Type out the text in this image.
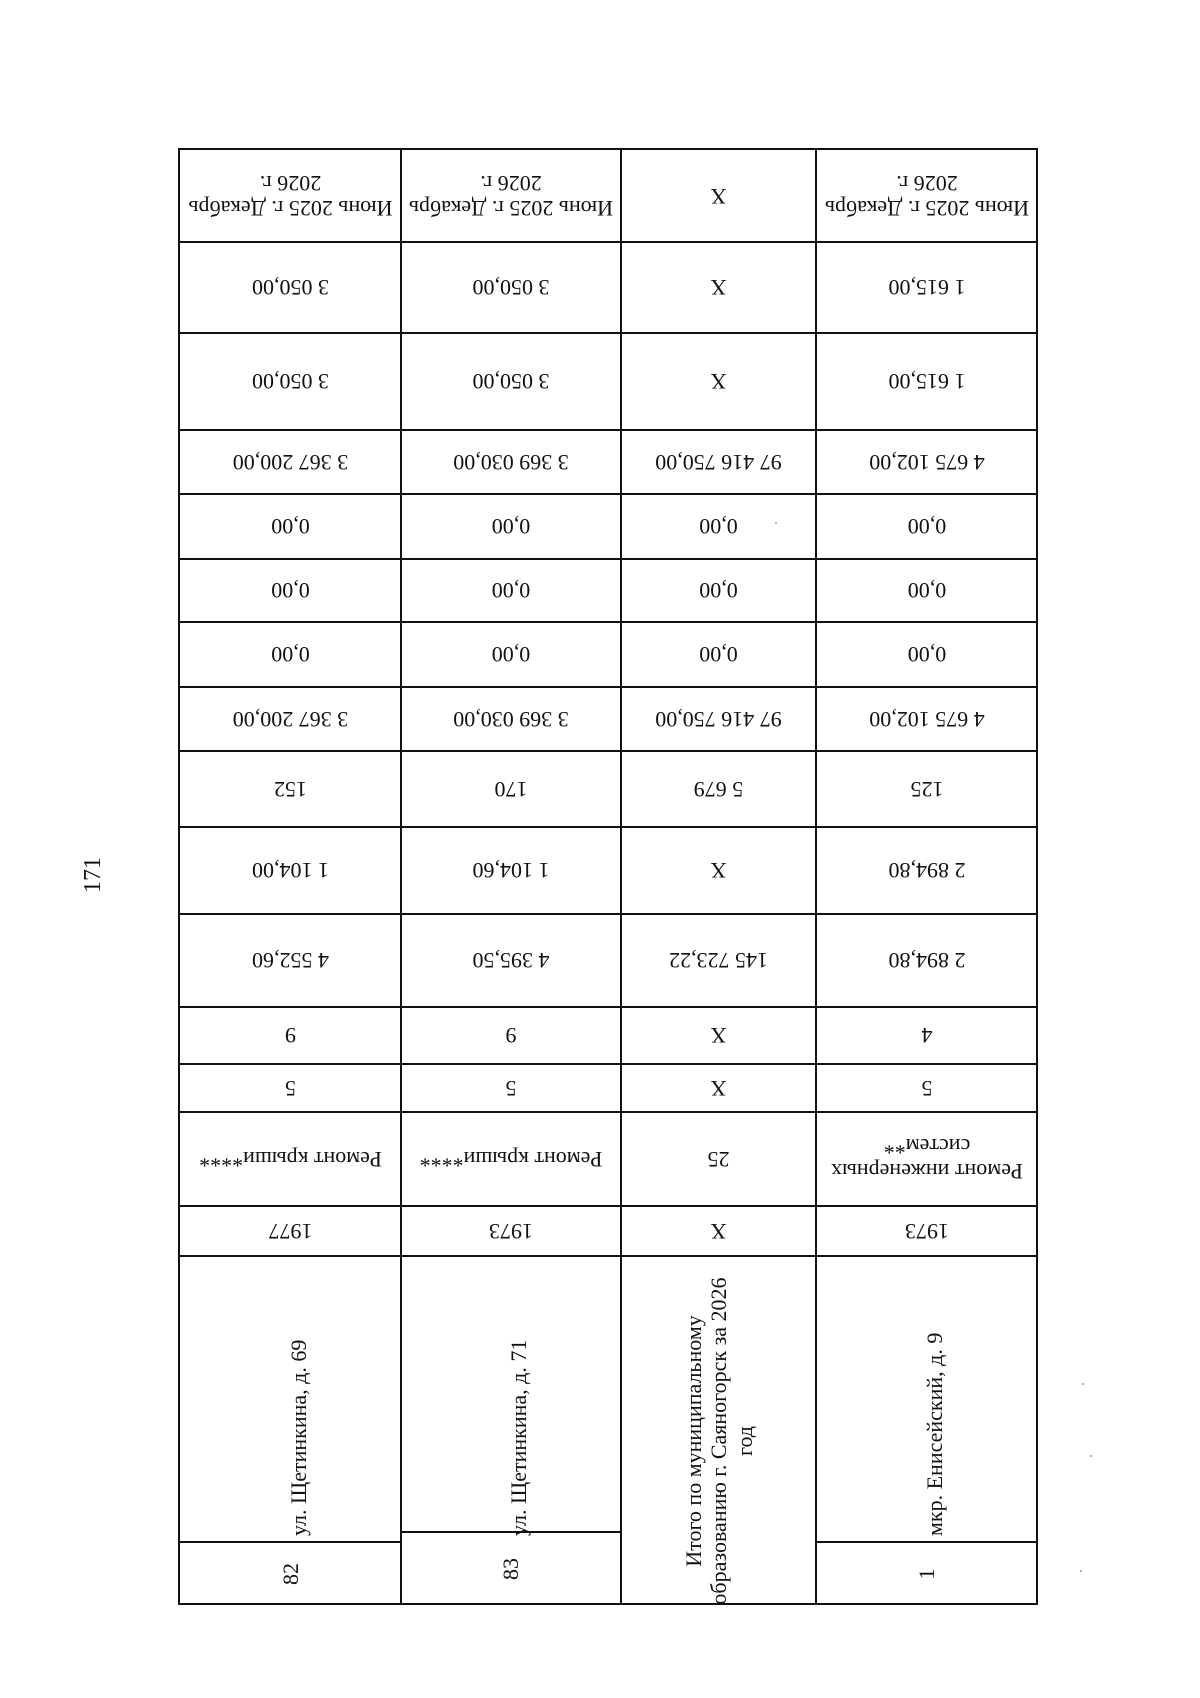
171
Июнь 2025 г. Декабрь 2026 г.
3 050,00
3 050,00
3 367 200,00
0,00
0,00
0,00
3 367 200,00
152
1 104,00
4 552,60
9
5
Ремонт крыши****
1977
ул. Щетинкина, д. 69
82
Июнь 2025 г. Декабрь 2026 г.
3 050,00
3 050,00
3 369 030,00
0,00
0,00
0,00
3 369 030,00
170
1 104,60
4 395,50
9
5
Ремонт крыши****
1973
ул. Щетинкина, д. 71
83
X
X
X
97 416 750,00
0,00
0,00
0,00
97 416 750,00
5 679
X
145 723,22
X
X
25
X
Итого по муниципальному образованию г. Саяногорск за 2026 год
Июнь 2025 г. Декабрь 2026 г.
1 615,00
1 615,00
4 675 102,00
0,00
0,00
0,00
4 675 102,00
125
2 894,80
2 894,80
4
5
Ремонт инженерных систем**
1973
мкр. Енисейский, д. 9
1
